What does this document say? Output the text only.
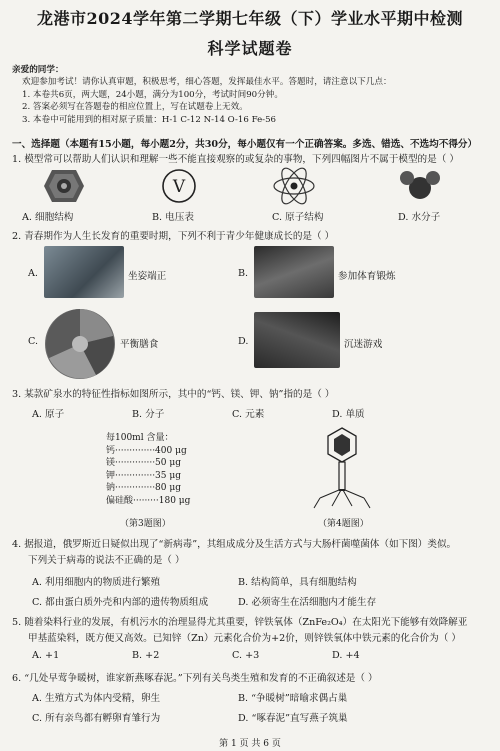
龙港市2024学年第二学期七年级（下）学业水平期中检测
科学试题卷
亲爱的同学：
欢迎参加考试！请你认真审题，积极思考，细心答题，发挥最佳水平。答题时，请注意以下几点：
1. 本卷共6页，两大题，24小题，满分为100分，考试时间90分钟。
2. 答案必须写在答题卷的相应位置上，写在试题卷上无效。
3. 本卷中可能用到的相对原子质量：H-1 C-12 N-14 O-16 Fe-56
一、选择题（本题有15小题，每小题2分，共30分，每小题仅有一个正确答案。多选、错选、不选均不得分）
1. 模型常可以帮助人们认识和理解一些不能直接观察的或复杂的事物，下列四幅图片不属于模型的是（ ）
V
A. 细胞结构	B. 电压表	C. 原子结构	D. 水分子
2. 青春期作为人生长发育的重要时期，下列不利于青少年健康成长的是（ ）
A.	坐姿端正	B.	参加体育锻炼
C.	平衡膳食	D.	沉迷游戏
3. 某款矿泉水的特征性指标如图所示，其中的“钙、镁、钾、钠”指的是（ ）
A. 原子	B. 分子	C. 元素	D. 单质
每100ml 含量：
钙··············400 μg
镁··············50 μg
钾··············35 μg
钠··············80 μg
偏硅酸·········180 μg
（第3题图）	（第4题图）
4. 据报道，俄罗斯近日疑似出现了“新病毒”，其组成成分及生活方式与大肠杆菌噬菌体（如下图）类似。
下列关于病毒的说法不正确的是（ ）
A. 利用细胞内的物质进行繁殖	B. 结构简单，具有细胞结构
C. 都由蛋白质外壳和内部的遗传物质组成	D. 必须寄生在活细胞内才能生存
5. 随着染料行业的发展，有机污水的治理显得尤其重要，锌铁氧体（ZnFe₂O₄）在太阳光下能够有效降解亚
甲基蓝染料，既方便又高效。已知锌（Zn）元素化合价为+2价，则锌铁氧体中铁元素的化合价为（ ）
A. +1	B. +2	C. +3	D. +4
6. “几处早莺争暖树，谁家新燕啄春泥。”下列有关鸟类生殖和发育的不正确叙述是（ ）
A. 生殖方式为体内受精，卵生	B. “争暖树”暗喻求偶占巢
C. 所有亲鸟都有孵卵育雏行为	D. “啄春泥”直写燕子筑巢
第 1 页 共 6 页
